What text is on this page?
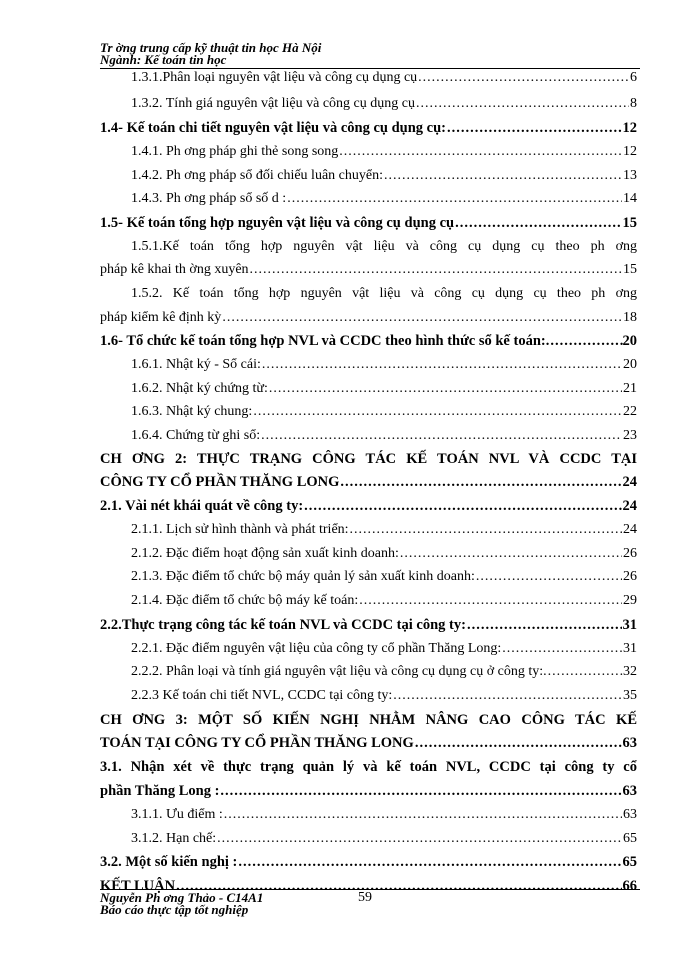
Tr ờng trung cấp kỹ thuật tin học Hà Nội
Ngành: Kế toán tin học
1.3.1.Phân loại nguyên vật liệu và công cụ dụng cụ .....	6
1.3.2. Tính giá nguyên vật liệu và công cụ dụng cụ .....	8
1.4- Kế toán chi tiết nguyên vật liệu và công cụ dụng cụ: .....	12
1.4.1. Ph ơng pháp ghi thẻ song song .....	12
1.4.2. Ph ơng pháp sổ đối chiếu luân chuyển: .....	13
1.4.3. Ph ơng pháp sổ số d : .....	14
1.5- Kế toán tổng hợp nguyên vật liệu và công cụ dụng cụ .....	15
1.5.1.Kế toán tổng hợp nguyên vật liệu và công cụ dụng cụ theo ph ơng
pháp kê khai th ờng xuyên .....	15
1.5.2. Kế toán tổng hợp nguyên vật liệu và công cụ dụng cụ theo ph ơng
pháp kiểm kê định kỳ .....	18
1.6- Tổ chức kế toán tổng hợp NVL và CCDC theo hình thức sổ kế toán: .....	20
1.6.1. Nhật ký - Sổ cái: .....	20
1.6.2. Nhật ký chứng từ: .....	21
1.6.3. Nhật ký chung: .....	22
1.6.4. Chứng từ ghi sổ: .....	23
CH ƠNG 2: THỰC TRẠNG CÔNG TÁC KẾ TOÁN NVL VÀ CCDC TẠI
CÔNG TY CỔ PHẦN THĂNG LONG .....	24
2.1. Vài nét khái quát về công ty: .....	24
2.1.1. Lịch sử hình thành và phát triển: .....	24
2.1.2. Đặc điểm hoạt động sản xuất kinh doanh: .....	26
2.1.3. Đặc điểm tổ chức bộ máy quản lý sản xuất kinh doanh: .....	26
2.1.4. Đặc điểm tổ chức bộ máy kế toán: .....	29
2.2.Thực trạng công tác kế toán NVL và CCDC tại công ty: .....	31
2.2.1. Đặc điểm nguyên vật liệu của công ty cổ phần Thăng Long: .....	31
2.2.2. Phân loại và tính giá nguyên vật liệu và công cụ dụng cụ ở công ty: .....	32
2.2.3 Kế toán chi tiết NVL, CCDC tại công ty: .....	35
CH ƠNG 3: MỘT SỐ KIẾN NGHỊ NHẰM NÂNG CAO CÔNG TÁC KẾ
TOÁN TẠI CÔNG TY CỔ PHẦN THĂNG LONG .....	63
3.1. Nhận xét về thực trạng quản lý và kế toán NVL, CCDC tại công ty cổ
phần Thăng Long : .....	63
3.1.1. Ưu điểm : .....	63
3.1.2. Hạn chế: .....	65
3.2. Một số kiến nghị : .....	65
KẾT LUẬN .....	66
Nguyễn Ph ơng Thảo - C14A1
Báo cáo thực tập tốt nghiệp
59
